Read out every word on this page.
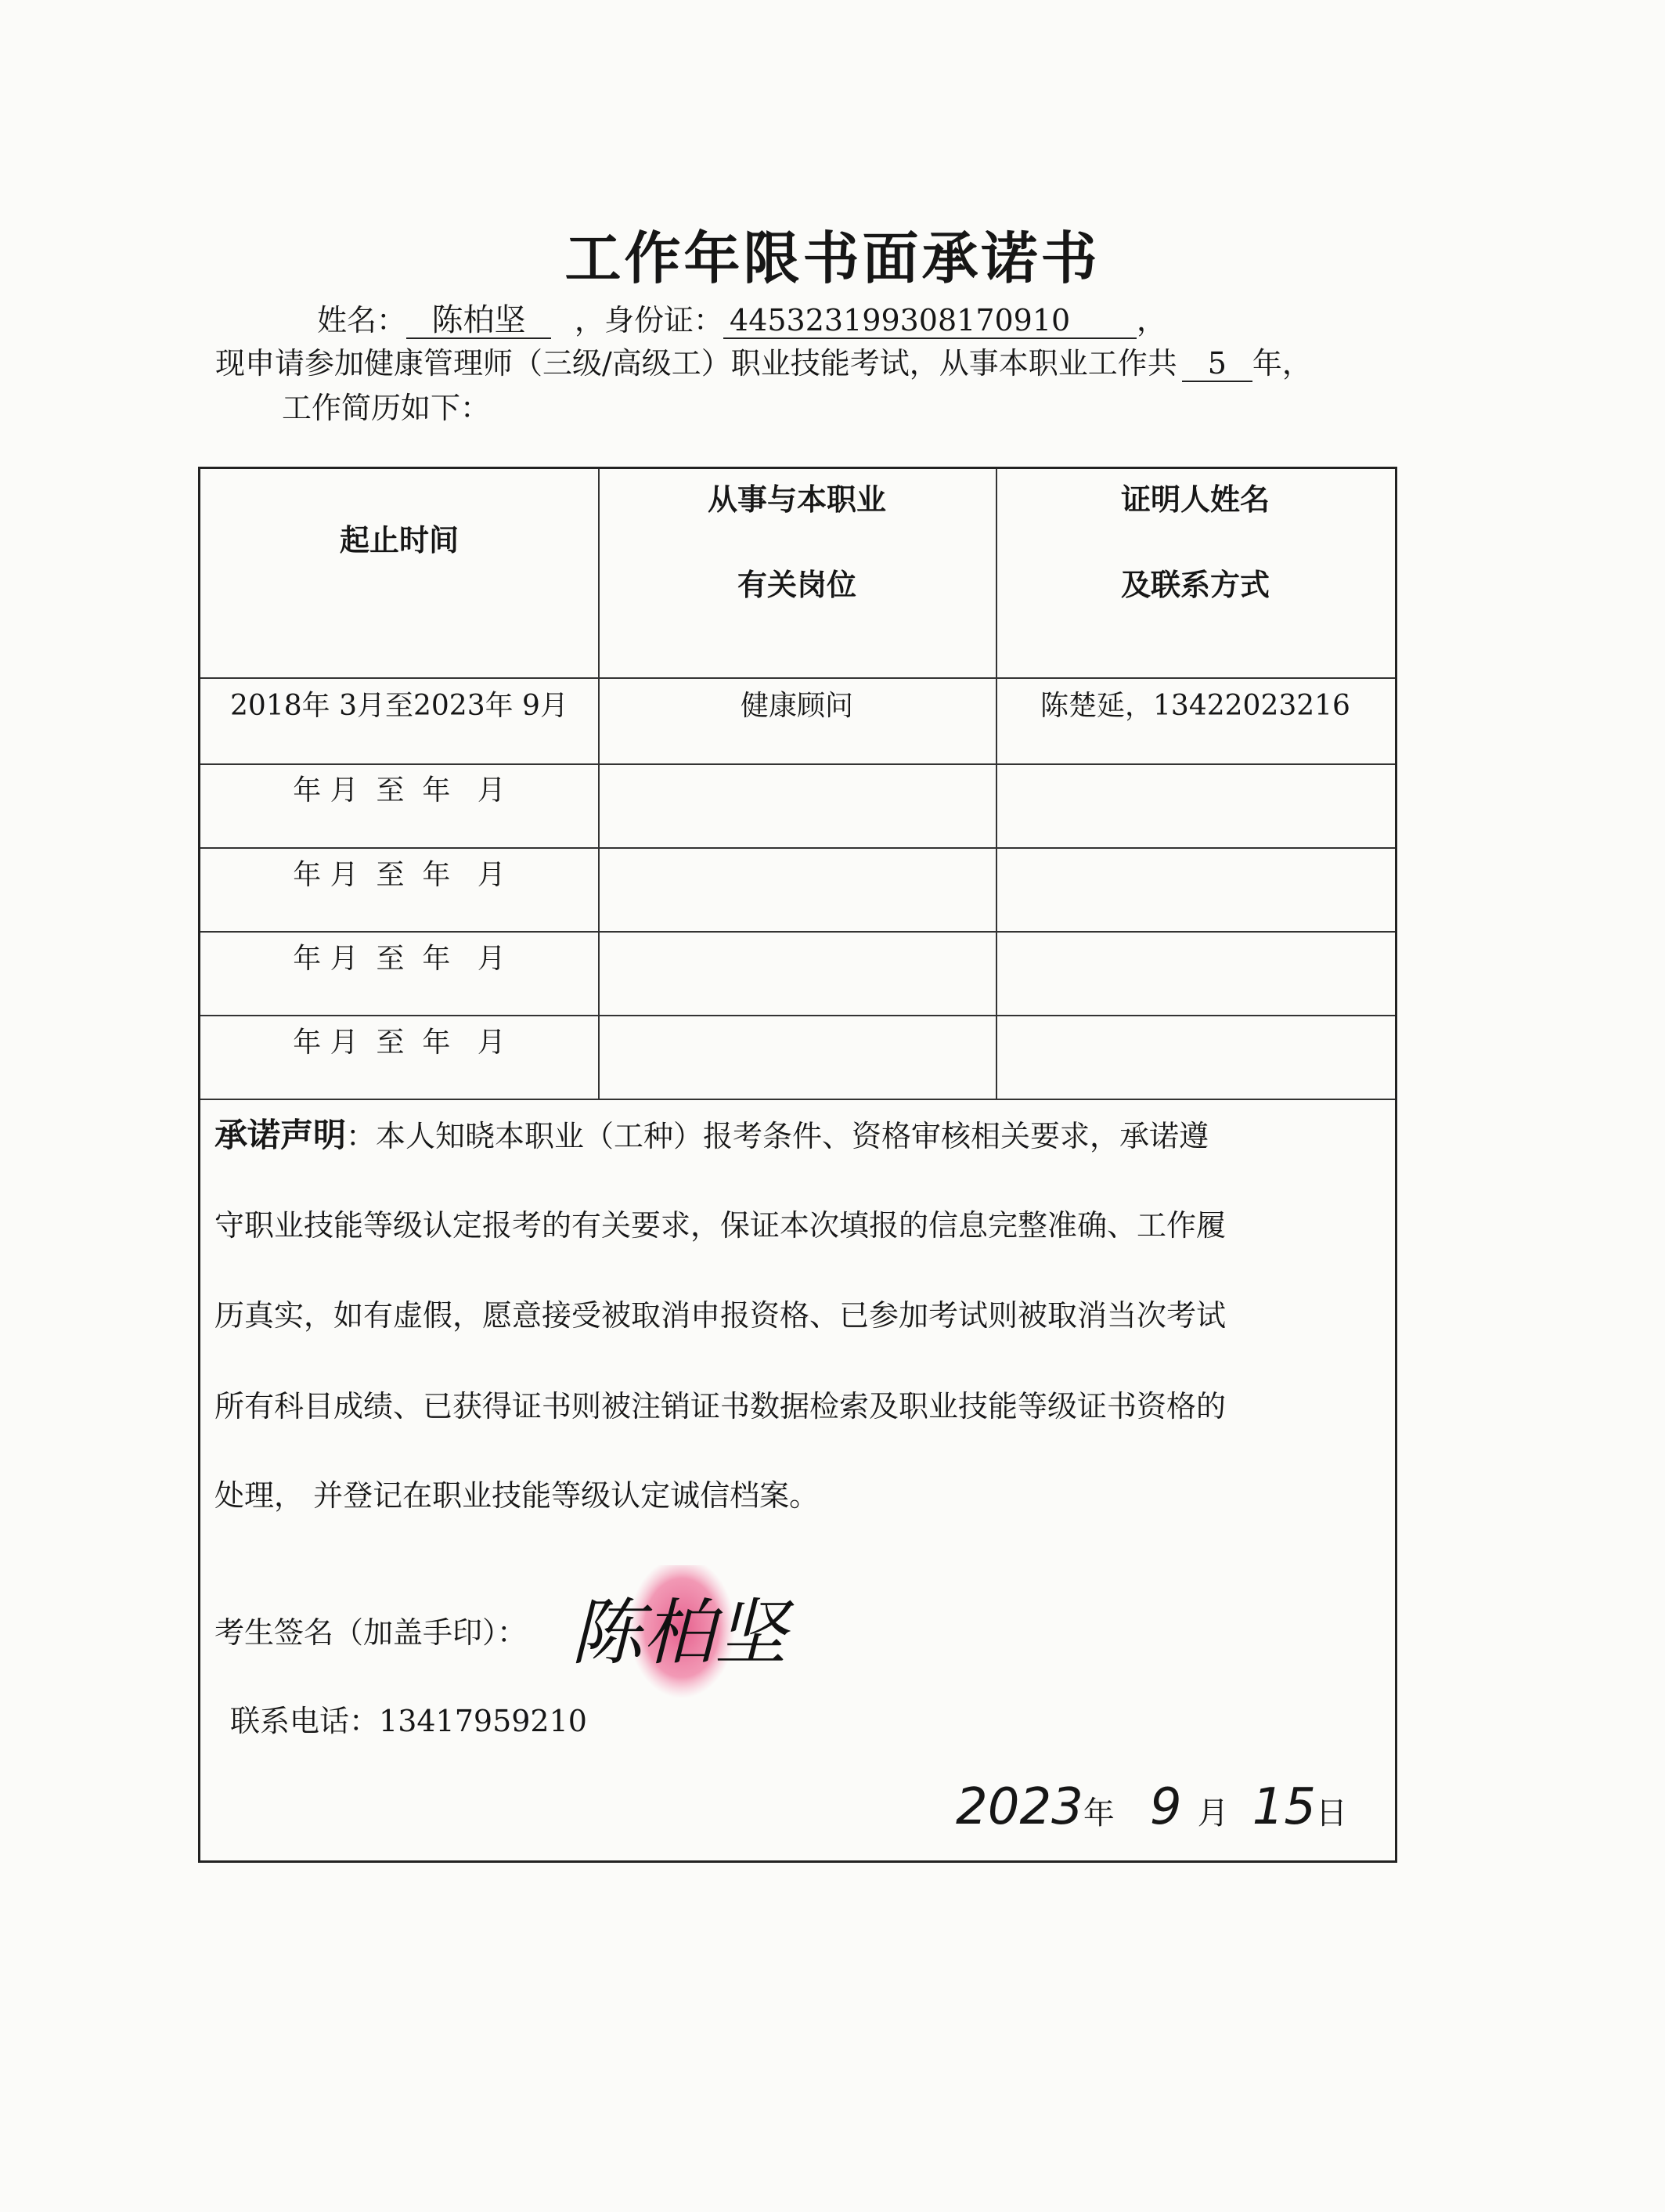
工作年限书面承诺书
姓名： 陈柏坚 ，身份证： 445323199308170910 ，
现申请参加健康管理师（三级/高级工）职业技能考试，从事本职业工作共 5 年，
工作简历如下：
起止时间
从事与本职业
有关岗位
证明人姓名
及联系方式
2018年 3月至2023年 9月	健康顾问	陈楚延，13422023216
年 月  至  年   月
年 月  至  年   月
年 月  至  年   月
年 月  至  年   月
承诺声明：本人知晓本职业（工种）报考条件、资格审核相关要求，承诺遵
守职业技能等级认定报考的有关要求，保证本次填报的信息完整准确、工作履
历真实，如有虚假，愿意接受被取消申报资格、已参加考试则被取消当次考试
所有科目成绩、已获得证书则被注销证书数据检索及职业技能等级证书资格的
处理， 并登记在职业技能等级认定诚信档案。
考生签名（加盖手印）： 陈柏坚
联系电话：13417959210
2023年 9 月 15日
